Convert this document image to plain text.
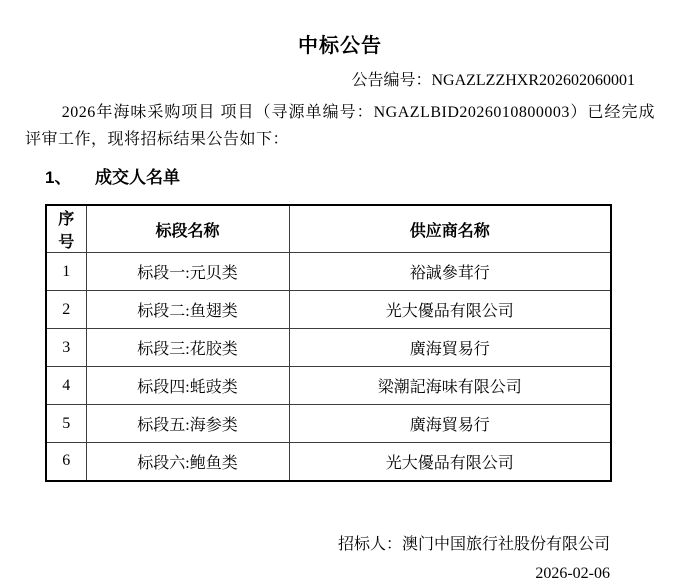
中标公告
公告编号：NGAZLZZHXR202602060001

2026年海味采购项目 项目（寻源单编号：NGAZLBID2026010800003）已经完成评审工作，现将招标结果公告如下：

1、 成交人名单
序号	标段名称	供应商名称
1	标段一:元贝类	裕誠參茸行
2	标段二:鱼翅类	光大優品有限公司
3	标段三:花胶类	廣海貿易行
4	标段四:蚝豉类	梁潮記海味有限公司
5	标段五:海参类	廣海貿易行
6	标段六:鲍鱼类	光大優品有限公司
招标人：澳门中国旅行社股份有限公司
2026-02-06
